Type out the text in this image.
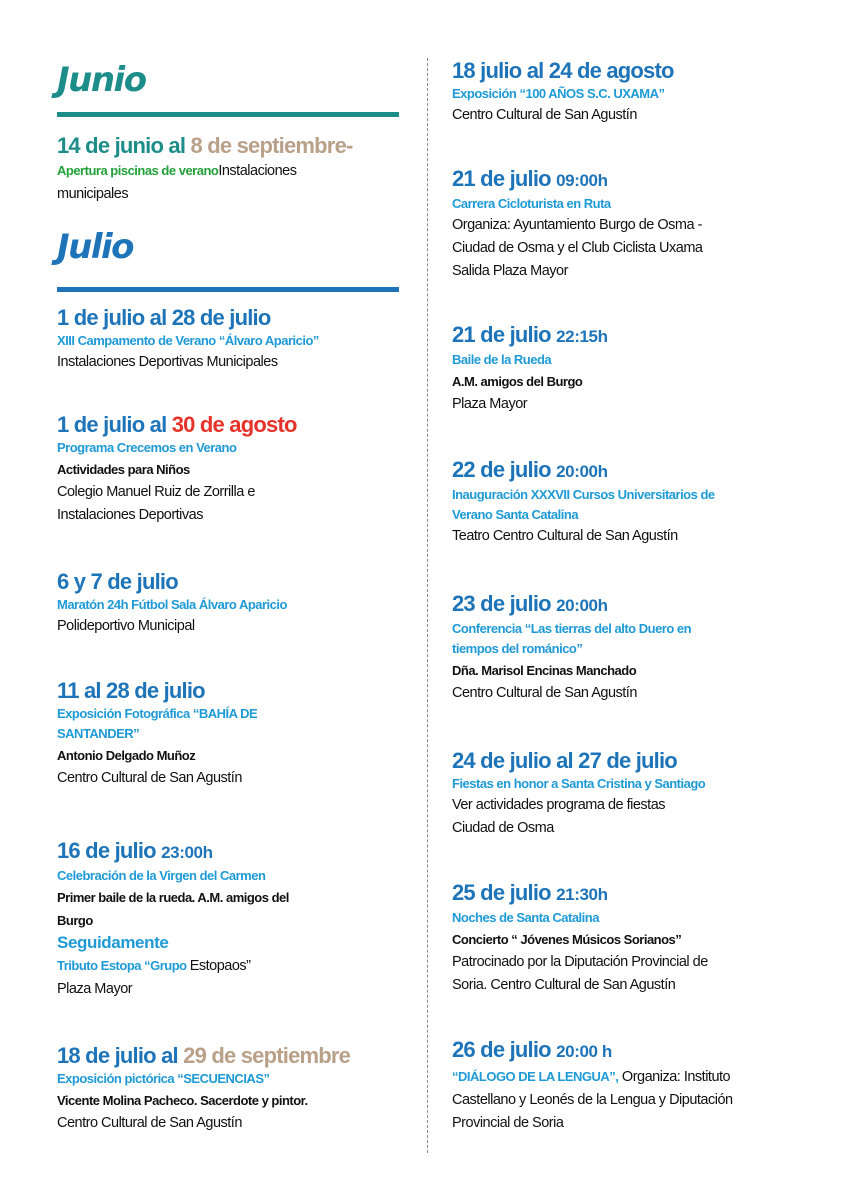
Junio
14 de junio al 8 de septiembre-
Apertura piscinas de veranoInstalaciones
municipales
Julio
1 de julio al 28 de julio
XIII Campamento de Verano “Álvaro Aparicio”
Instalaciones Deportivas Municipales
1 de julio al 30 de agosto
Programa Crecemos en Verano
Actividades para Niños
Colegio Manuel Ruiz de Zorrilla e
Instalaciones Deportivas
6 y 7 de julio
Maratón 24h Fútbol Sala Álvaro Aparicio
Polideportivo Municipal
11 al 28 de julio
Exposición Fotográfica “BAHÍA DE
SANTANDER”
Antonio Delgado Muñoz
Centro Cultural de San Agustín
16 de julio 23:00h
Celebración de la Virgen del Carmen
Primer baile de la rueda. A.M. amigos del
Burgo
Seguidamente
Tributo Estopa “Grupo Estopaos”
Plaza Mayor
18 de julio al 29 de septiembre
Exposición pictórica “SECUENCIAS”
Vicente Molina Pacheco. Sacerdote y pintor.
Centro Cultural de San Agustín
18 julio al 24 de agosto
Exposición “100 AÑOS S.C. UXAMA”
Centro Cultural de San Agustín
21 de julio 09:00h
Carrera Cicloturista en Ruta
Organiza: Ayuntamiento Burgo de Osma -
Ciudad de Osma y el Club Ciclista Uxama
Salida Plaza Mayor
21 de julio 22:15h
Baile de la Rueda
A.M. amigos del Burgo
Plaza Mayor
22 de julio 20:00h
Inauguración XXXVII Cursos Universitarios de
Verano Santa Catalina
Teatro Centro Cultural de San Agustín
23 de julio 20:00h
Conferencia “Las tierras del alto Duero en
tiempos del románico”
Dña. Marisol Encinas Manchado
Centro Cultural de San Agustín
24 de julio al 27 de julio
Fiestas en honor a Santa Cristina y Santiago
Ver actividades programa de fiestas
Ciudad de Osma
25 de julio 21:30h
Noches de Santa Catalina
Concierto “ Jóvenes Músicos Sorianos”
Patrocinado por la Diputación Provincial de
Soria. Centro Cultural de San Agustín
26 de julio 20:00 h
“DIÁLOGO DE LA LENGUA”, Organiza: Instituto
Castellano y Leonés de la Lengua y Diputación
Provincial de Soria
